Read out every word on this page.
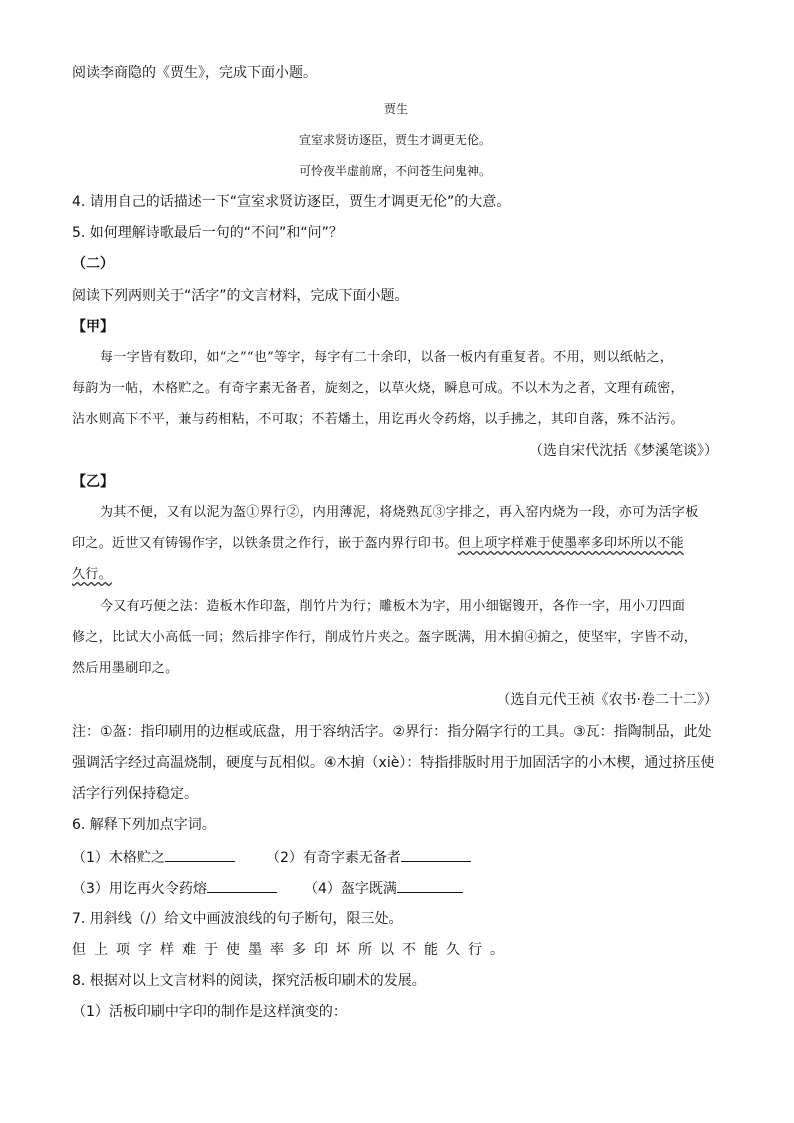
阅读李商隐的《贾生》，完成下面小题。
贾生
宣室求贤访逐臣，贾生才调更无伦。
可怜夜半虚前席，不问苍生问鬼神。
4. 请用自己的话描述一下“宣室求贤访逐臣，贾生才调更无伦”的大意。
5. 如何理解诗歌最后一句的“不问”和“问”？
（二）
阅读下列两则关于“活字”的文言材料，完成下面小题。
【甲】
每一字皆有数印，如“之”“也”等字，每字有二十余印，以备一板内有重复者。不用，则以纸帖之，
每韵为一帖，木格贮之。有奇字素无备者，旋刻之，以草火烧，瞬息可成。不以木为之者，文理有疏密，
沾水则高下不平，兼与药相粘，不可取；不若燔土，用讫再火令药熔，以手拂之，其印自落，殊不沾污。
（选自宋代沈括《梦溪笔谈》）
【乙】
为其不便，又有以泥为盔①界行②，内用薄泥，将烧熟瓦③字排之，再入窑内烧为一段，亦可为活字板
印之。近世又有铸锡作字，以铁条贯之作行，嵌于盔内界行印书。但上项字样难于使墨率多印坏所以不能
久行。
今又有巧便之法：造板木作印盔，削竹片为行；雕板木为字，用小细锯锼开，各作一字，用小刀四面
修之，比试大小高低一同；然后排字作行，削成竹片夹之。盔字既满，用木掮④掮之，使坚牢，字皆不动，
然后用墨刷印之。
（选自元代王祯《农书·卷二十二》）
注：①盔：指印刷用的边框或底盘，用于容纳活字。②界行：指分隔字行的工具。③瓦：指陶制品，此处
强调活字经过高温烧制，硬度与瓦相似。④木掮（xiè）：特指排版时用于加固活字的小木楔，通过挤压使
活字行列保持稳定。
6. 解释下列加点字词。
（1）木格贮之	（2）有奇字素无备者
（3）用讫再火令药熔	（4）盔字既满
7. 用斜线（/）给文中画波浪线的句子断句，限三处。
但上项字样难于使墨率多印坏所以不能久行。
8. 根据对以上文言材料的阅读，探究活板印刷术的发展。
（1）活板印刷中字印的制作是这样演变的：
